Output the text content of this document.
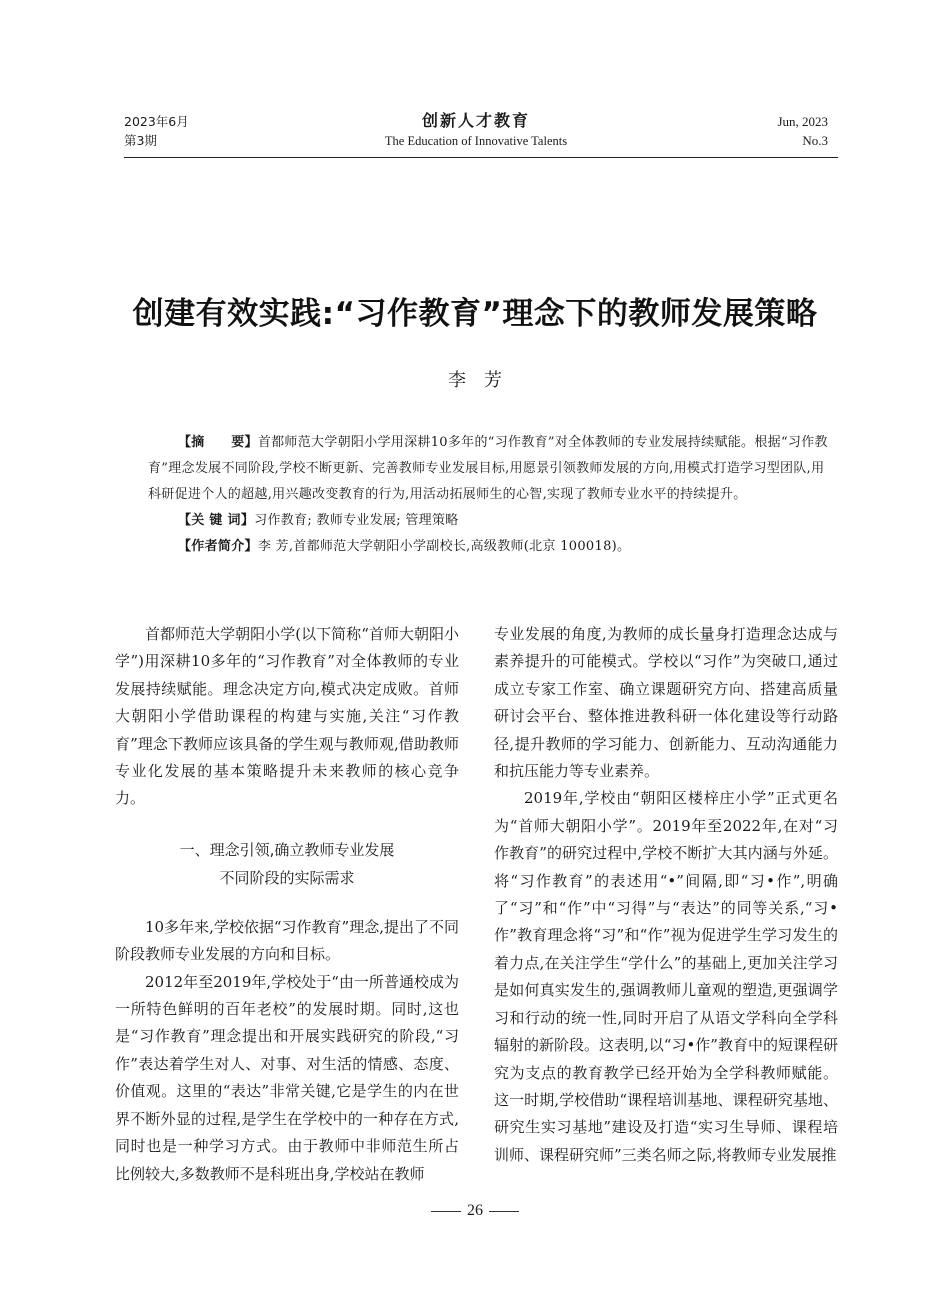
2023年6月
第3期
创新人才教育
The Education of Innovative Talents
Jun, 2023
No.3
创建有效实践:“习作教育”理念下的教师发展策略
李芳

【摘　　要】首都师范大学朝阳小学用深耕10多年的“习作教育”对全体教师的专业发展持续赋能。根据“习作教育”理念发展不同阶段,学校不断更新、完善教师专业发展目标,用愿景引领教师发展的方向,用模式打造学习型团队,用科研促进个人的超越,用兴趣改变教育的行为,用活动拓展师生的心智,实现了教师专业水平的持续提升。

【关 键 词】习作教育; 教师专业发展; 管理策略

【作者简介】李 芳,首都师范大学朝阳小学副校长,高级教师(北京 100018)。

首都师范大学朝阳小学(以下简称“首师大朝阳小学”)用深耕10多年的“习作教育”对全体教师的专业发展持续赋能。理念决定方向,模式决定成败。首师大朝阳小学借助课程的构建与实施,关注“习作教育”理念下教师应该具备的学生观与教师观,借助教师专业化发展的基本策略提升未来教师的核心竞争力。

一、理念引领,确立教师专业发展
不同阶段的实际需求

10多年来,学校依据“习作教育”理念,提出了不同阶段教师专业发展的方向和目标。

2012年至2019年,学校处于“由一所普通校成为一所特色鲜明的百年老校”的发展时期。同时,这也是“习作教育”理念提出和开展实践研究的阶段,“习作”表达着学生对人、对事、对生活的情感、态度、价值观。这里的“表达”非常关键,它是学生的内在世界不断外显的过程,是学生在学校中的一种存在方式,同时也是一种学习方式。由于教师中非师范生所占比例较大,多数教师不是科班出身,学校站在教师

专业发展的角度,为教师的成长量身打造理念达成与素养提升的可能模式。学校以“习作”为突破口,通过成立专家工作室、确立课题研究方向、搭建高质量研讨会平台、整体推进教科研一体化建设等行动路径,提升教师的学习能力、创新能力、互动沟通能力和抗压能力等专业素养。

2019年,学校由“朝阳区楼梓庄小学”正式更名为“首师大朝阳小学”。2019年至2022年,在对“习作教育”的研究过程中,学校不断扩大其内涵与外延。将“习作教育”的表述用“•”间隔,即“习•作”,明确了“习”和“作”中“习得”与“表达”的同等关系,“习•作”教育理念将“习”和“作”视为促进学生学习发生的着力点,在关注学生“学什么”的基础上,更加关注学习是如何真实发生的,强调教师儿童观的塑造,更强调学习和行动的统一性,同时开启了从语文学科向全学科辐射的新阶段。这表明,以“习•作”教育中的短课程研究为支点的教育教学已经开始为全学科教师赋能。这一时期,学校借助“课程培训基地、课程研究基地、研究生实习基地”建设及打造“实习生导师、课程培训师、课程研究师”三类名师之际,将教师专业发展推

26
